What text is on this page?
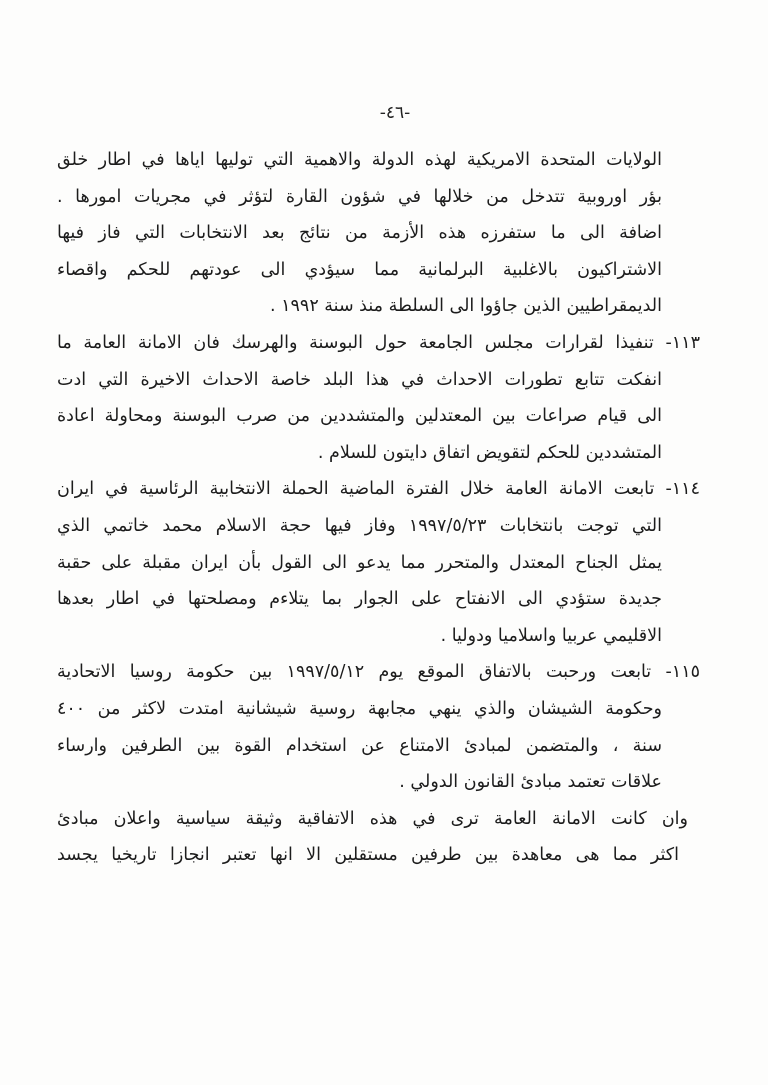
-٤٦-
الولايات المتحدة الامريكية لهذه الدولة والاهمية التي توليها اياها في اطار خلق
بؤر اوروبية تتدخل من خلالها في شؤون القارة لتؤثر في مجريات امورها .
اضافة الى ما ستفرزه هذه الأزمة من نتائج بعد الانتخابات التي فاز فيها
الاشتراكيون بالاغلبية البرلمانية مما سيؤدي الى عودتهم للحكم واقصاء
الديمقراطيين الذين جاؤوا الى السلطة منذ سنة ١٩٩٢ .
١١٣- تنفيذا لقرارات مجلس الجامعة حول البوسنة والهرسك فان الامانة العامة ما
انفكت تتابع تطورات الاحداث في هذا البلد خاصة الاحداث الاخيرة التي ادت
الى قيام صراعات بين المعتدلين والمتشددين من صرب البوسنة ومحاولة اعادة
المتشددين للحكم لتقويض اتفاق دايتون للسلام .
١١٤- تابعت الامانة العامة خلال الفترة الماضية الحملة الانتخابية الرئاسية في ايران
التي توجت بانتخابات ١٩٩٧/٥/٢٣ وفاز فيها حجة الاسلام محمد خاتمي الذي
يمثل الجناح المعتدل والمتحرر مما يدعو الى القول بأن ايران مقبلة على حقبة
جديدة ستؤدي الى الانفتاح على الجوار بما يتلاءم ومصلحتها في اطار بعدها
الاقليمي عربيا واسلاميا ودوليا .
١١٥- تابعت ورحبت بالاتفاق الموقع يوم ١٩٩٧/٥/١٢ بين حكومة روسيا الاتحادية
وحكومة الشيشان والذي ينهي مجابهة روسية شيشانية امتدت لاكثر من ٤٠٠
سنة ، والمتضمن لمبادئ الامتناع عن استخدام القوة بين الطرفين وارساء
علاقات تعتمد مبادئ القانون الدولي .
وان كانت الامانة العامة ترى في هذه الاتفاقية وثيقة سياسية واعلان مبادئ
اكثر مما هى معاهدة بين طرفين مستقلين الا انها تعتبر انجازا تاريخيا يجسد
